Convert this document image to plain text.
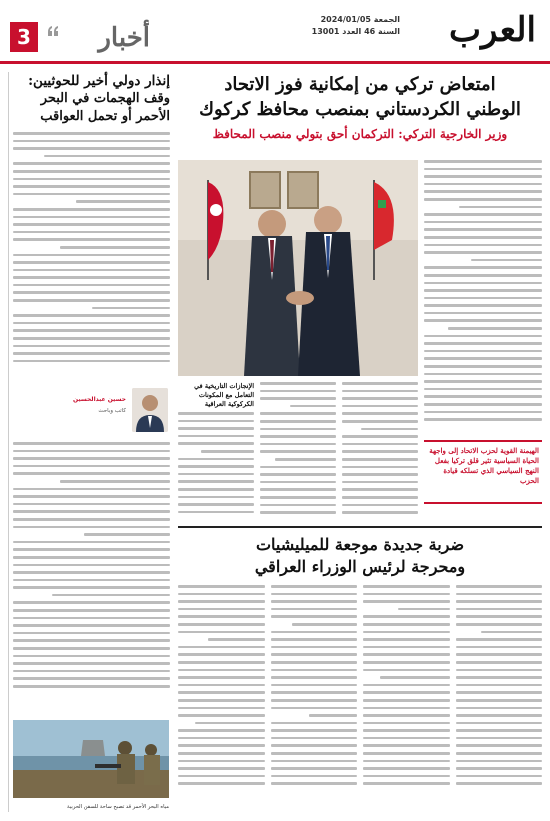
العرب
الجمعة 2024/01/05
السنة 46 العدد 13001
3	أخبار
إنذار دولي أخير للحوثيين:
وقف الهجمات في البحر
الأحمر أو تحمل العواقب
حسين عبدالحسين
كاتب وباحث
مياه البحر الأحمر قد تصبح ساحة للسفن الحربية
امتعاض تركي من إمكانية فوز الاتحاد
الوطني الكردستاني بمنصب محافظ كركوك
وزير الخارجية التركي: التركمان أحق بتولي منصب المحافظ

الهيمنة القوية لحزب الاتحاد إلى واجهة الحياة السياسية تثير قلق تركيا بفعل النهج السياسي الذي تسلكه قيادة الحزب

الإنجازات التاريخية في التعامل مع المكونات الكركوكية العراقية
ضربة جديدة موجعة للميليشيات
ومحرجة لرئيس الوزراء العراقي
